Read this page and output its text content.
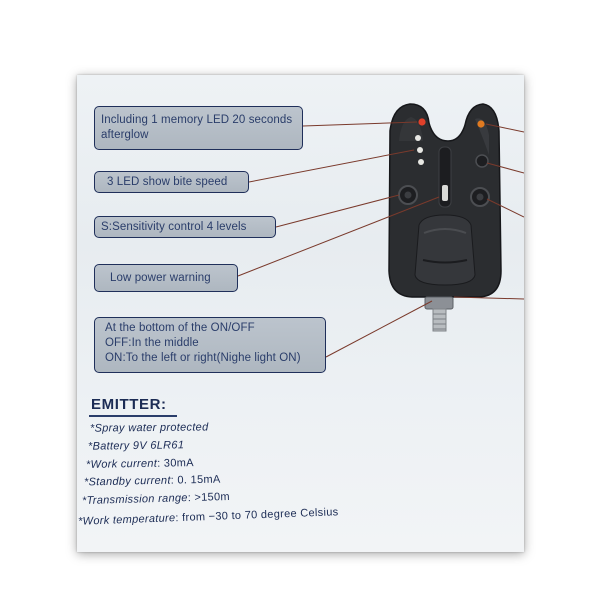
Including 1 memory LED 20 seconds
afterglow
3 LED show bite speed
S:Sensitivity control 4 levels
Low power warning
At the bottom of the ON/OFF
OFF:In the middle
ON:To the left or right(Nighe light ON)
EMITTER:
*Spray water protected
*Battery 9V 6LR61
*Work current: 30mA
*Standby current: 0. 15mA
*Transmission range: >150m
*Work temperature: from −30 to 70 degree Celsius
